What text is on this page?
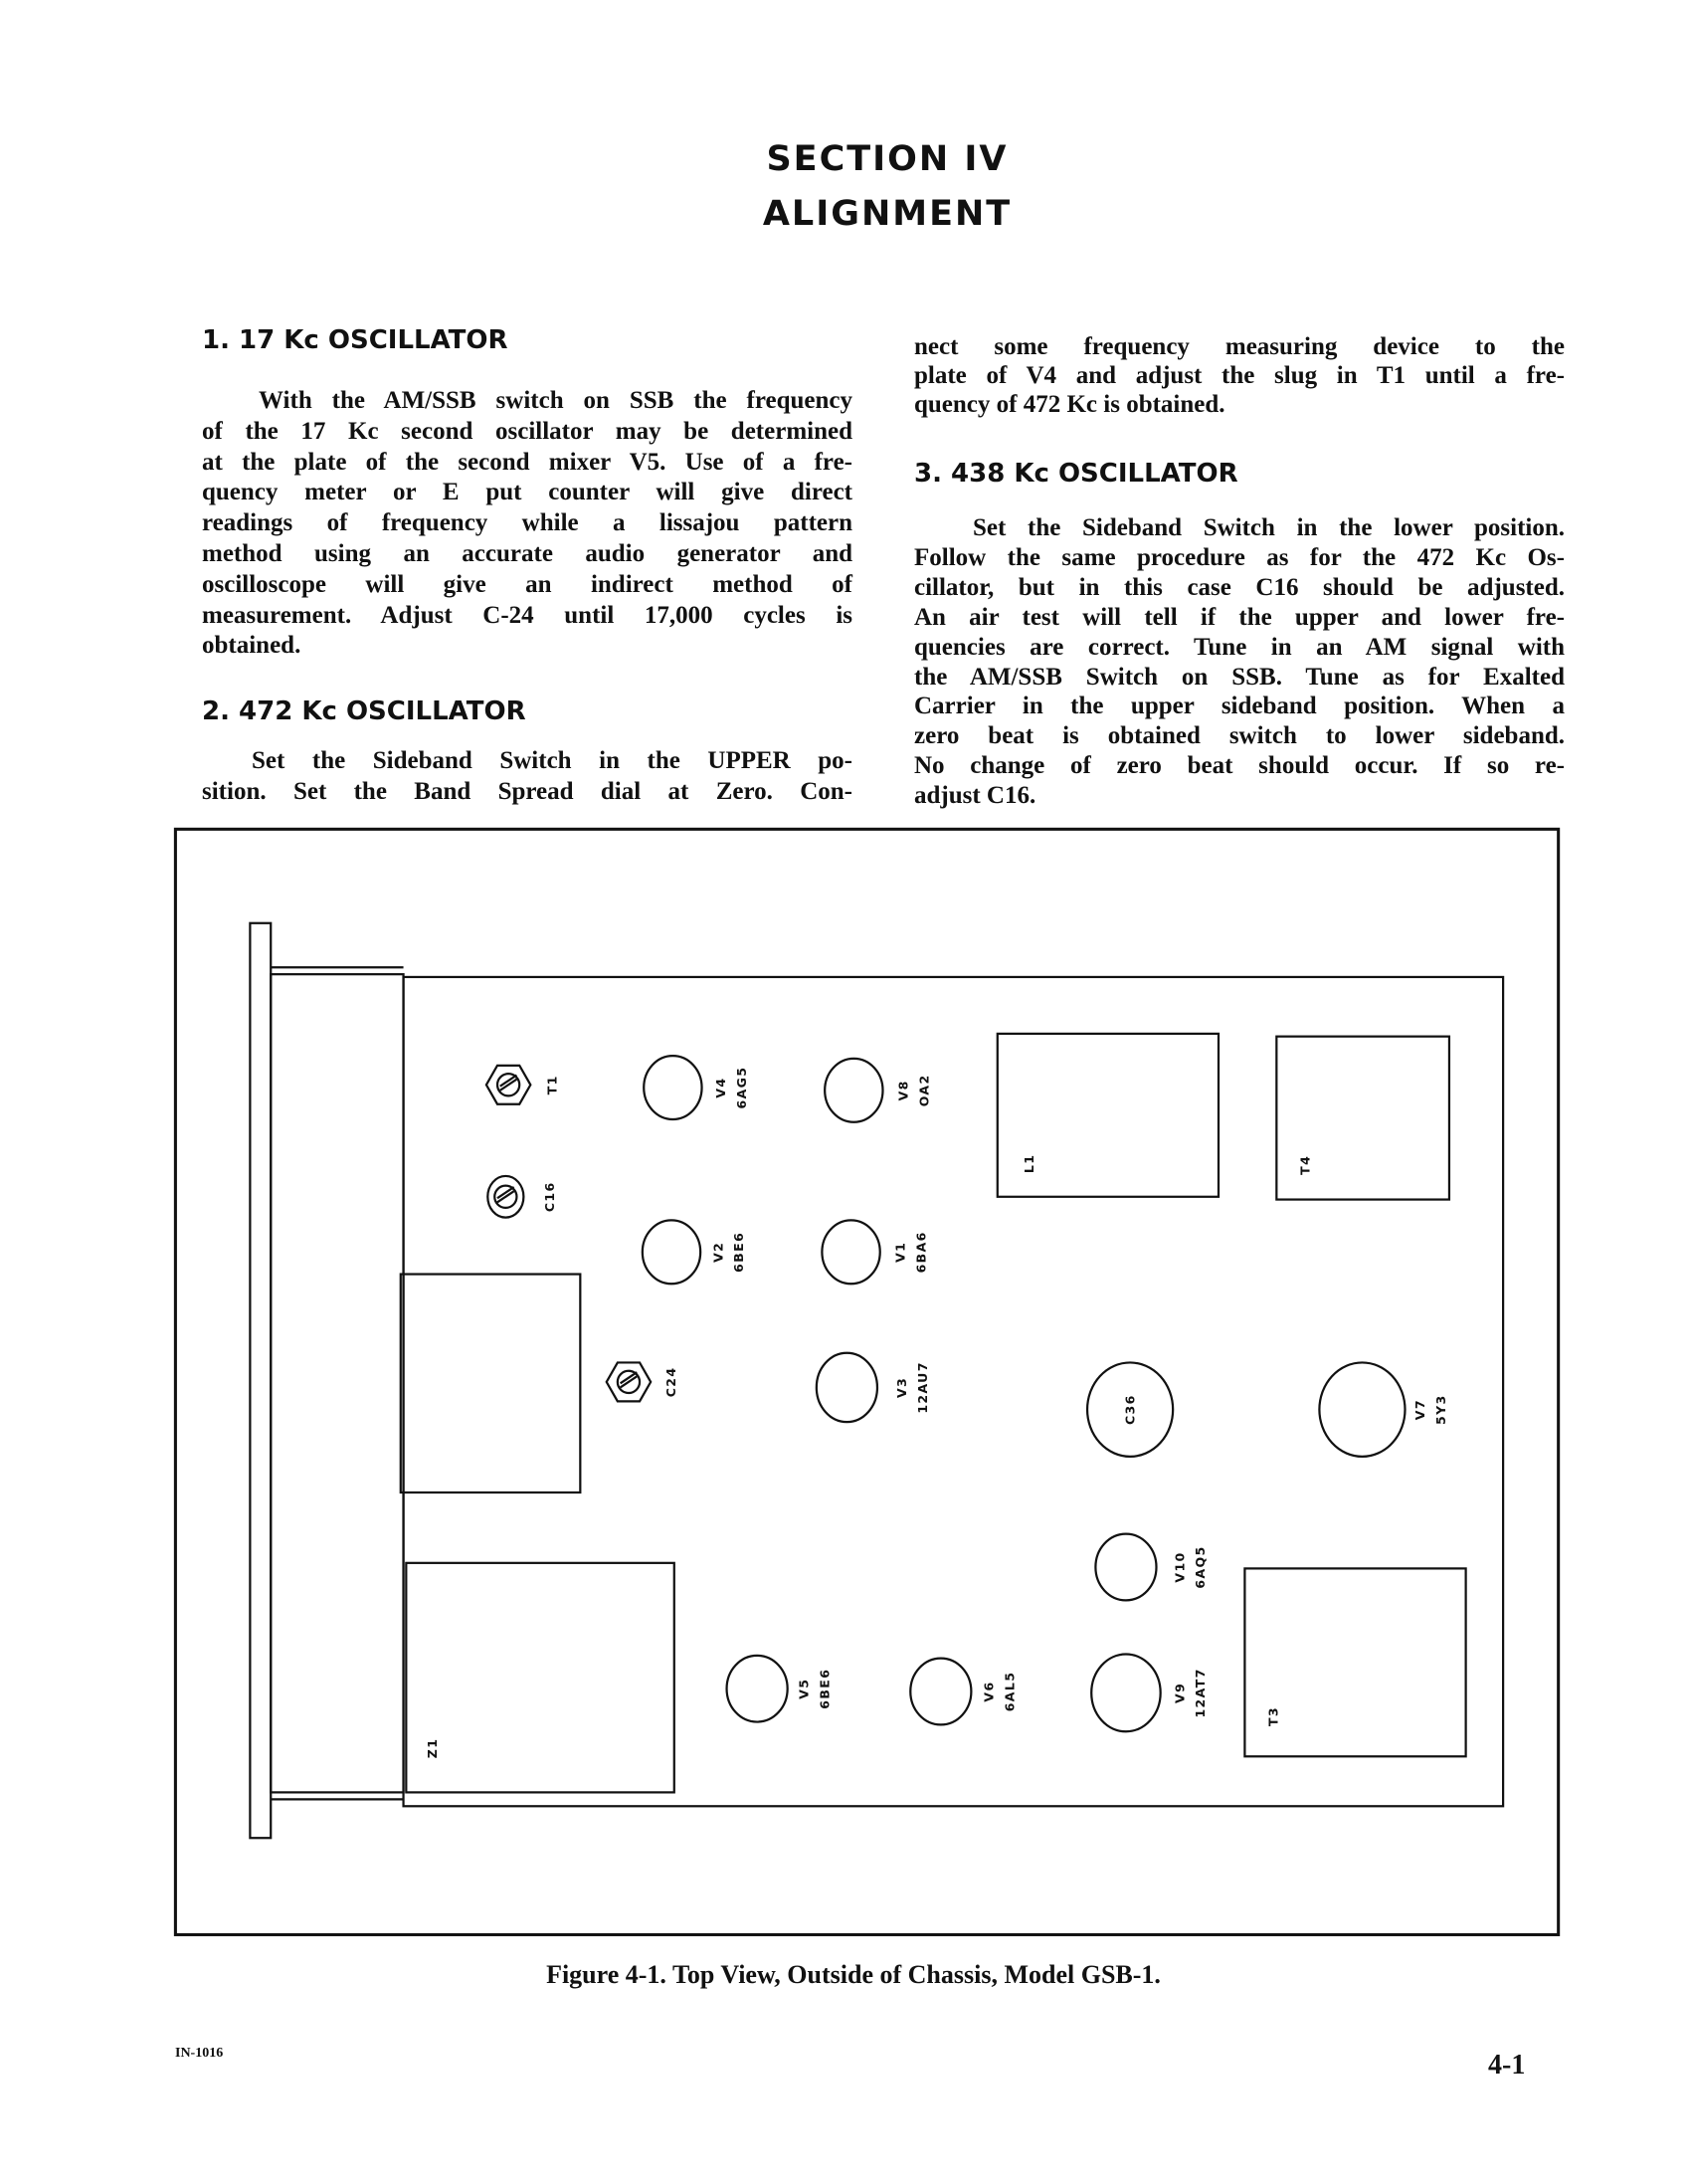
SECTION IV
ALIGNMENT
1. 17 Kc OSCILLATOR
2. 472 Kc OSCILLATOR
3. 438 Kc OSCILLATOR
With the AM/SSB switch on SSB the frequency
of the 17 Kc second oscillator may be determined
at the plate of the second mixer V5. Use of a fre-
quency meter or E put counter will give direct
readings of frequency while a lissajou pattern
method using an accurate audio generator and
oscilloscope will give an indirect method of
measurement. Adjust C-24 until 17,000 cycles is
obtained.
Set the Sideband Switch in the UPPER po-
sition. Set the Band Spread dial at Zero. Con-
nect some frequency measuring device to the
plate of V4 and adjust the slug in T1 until a fre-
quency of 472 Kc is obtained.
Set the Sideband Switch in the lower position.
Follow the same procedure as for the 472 Kc Os-
cillator, but in this case C16 should be adjusted.
An air test will tell if the upper and lower fre-
quencies are correct. Tune in an AM signal with
the AM/SSB Switch on SSB. Tune as for Exalted
Carrier in the upper sideband position. When a
zero beat is obtained switch to lower sideband.
No change of zero beat should occur. If so re-
adjust C16.
T1
C16
C24
C36
V4 6AG5	V8 OA2
V2 6BE6	V1 6BA6
V3 12AU7	V7 5Y3
V10 6AQ5
V5 6BE6	V6 6AL5	V9 12AT7
L1	T4
T3
Z1
Figure 4-1. Top View, Outside of Chassis, Model GSB-1.
IN-1016	4-1
